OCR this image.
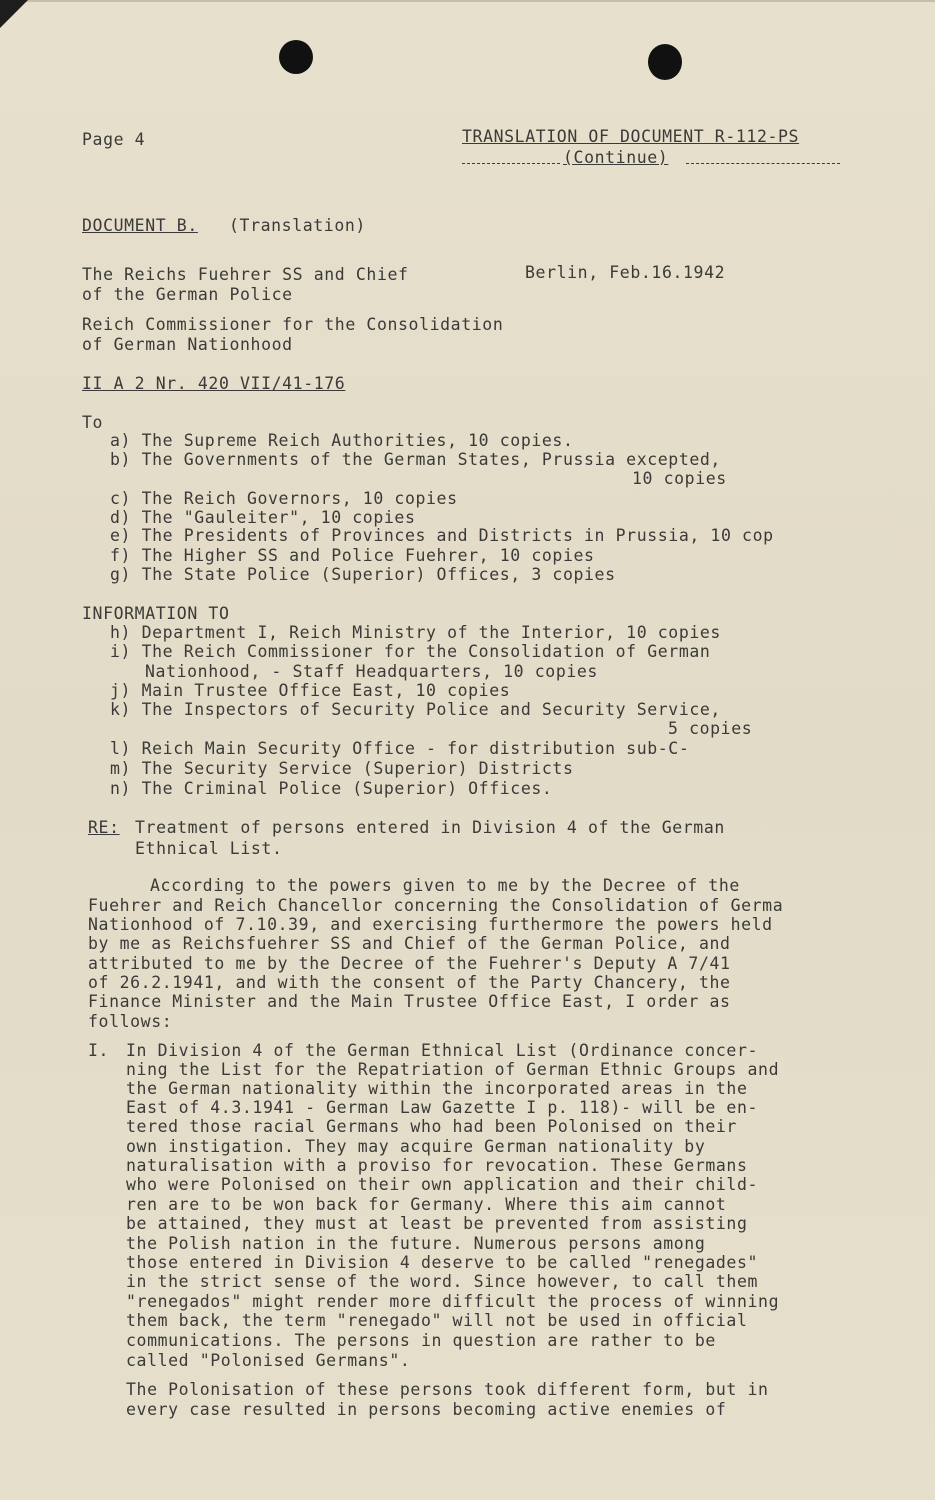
Page 4	TRANSLATION OF DOCUMENT R-112-PS
(Continue)
DOCUMENT B. (Translation)
The Reichs Fuehrer SS and Chief
of the German Police
Berlin, Feb.16.1942
Reich Commissioner for the Consolidation
of German Nationhood
II A 2 Nr. 420 VII/41-176
To
a) The Supreme Reich Authorities, 10 copies.
b) The Governments of the German States, Prussia excepted,
10 copies
c) The Reich Governors, 10 copies
d) The "Gauleiter", 10 copies
e) The Presidents of Provinces and Districts in Prussia, 10 cop
f) The Higher SS and Police Fuehrer, 10 copies
g) The State Police (Superior) Offices, 3 copies
INFORMATION TO
h) Department I, Reich Ministry of the Interior, 10 copies
i) The Reich Commissioner for the Consolidation of German
Nationhood, - Staff Headquarters, 10 copies
j) Main Trustee Office East, 10 copies
k) The Inspectors of Security Police and Security Service,
5 copies
l) Reich Main Security Office - for distribution sub-C-
m) The Security Service (Superior) Districts
n) The Criminal Police (Superior) Offices.
RE: Treatment of persons entered in Division 4 of the German
Ethnical List.
According to the powers given to me by the Decree of the
Fuehrer and Reich Chancellor concerning the Consolidation of Germa
Nationhood of 7.10.39, and exercising furthermore the powers held
by me as Reichsfuehrer SS and Chief of the German Police, and
attributed to me by the Decree of the Fuehrer's Deputy A 7/41
of 26.2.1941, and with the consent of the Party Chancery, the
Finance Minister and the Main Trustee Office East, I order as
follows:
I. In Division 4 of the German Ethnical List (Ordinance concer-
ning the List for the Repatriation of German Ethnic Groups and
the German nationality within the incorporated areas in the
East of 4.3.1941 - German Law Gazette I p. 118)- will be en-
tered those racial Germans who had been Polonised on their
own instigation. They may acquire German nationality by
naturalisation with a proviso for revocation. These Germans
who were Polonised on their own application and their child-
ren are to be won back for Germany. Where this aim cannot
be attained, they must at least be prevented from assisting
the Polish nation in the future. Numerous persons among
those entered in Division 4 deserve to be called "renegades"
in the strict sense of the word. Since however, to call them
"renegados" might render more difficult the process of winning
them back, the term "renegado" will not be used in official
communications. The persons in question are rather to be
called "Polonised Germans".
The Polonisation of these persons took different form, but in
every case resulted in persons becoming active enemies of
